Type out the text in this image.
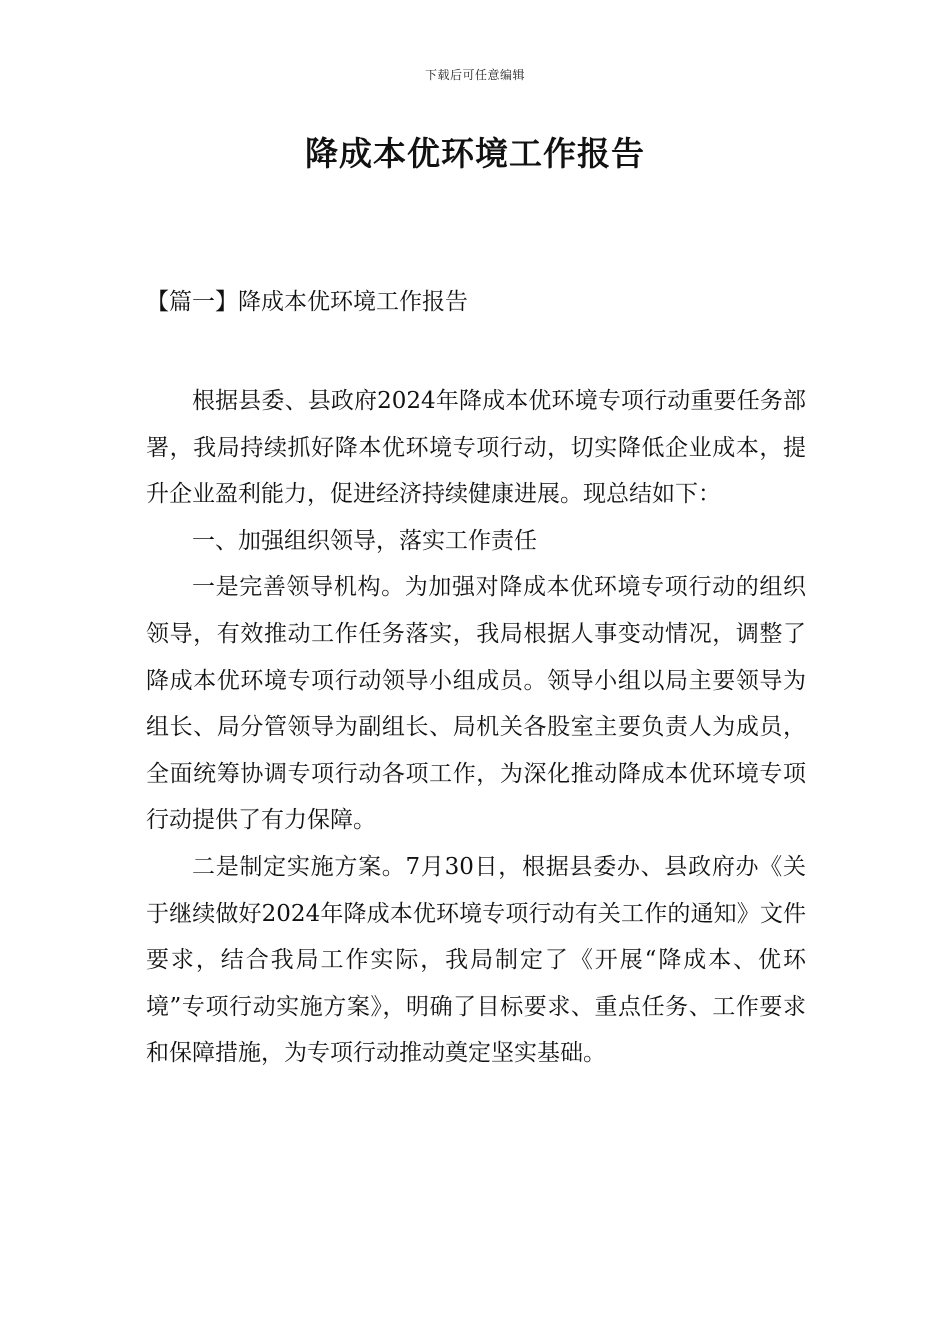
下载后可任意编辑
降成本优环境工作报告
【篇一】降成本优环境工作报告

根据县委、县政府2024年降成本优环境专项行动重要任务部署，我局持续抓好降本优环境专项行动，切实降低企业成本，提升企业盈利能力，促进经济持续健康进展。现总结如下：

一、加强组织领导，落实工作责任

一是完善领导机构。为加强对降成本优环境专项行动的组织领导，有效推动工作任务落实，我局根据人事变动情况，调整了降成本优环境专项行动领导小组成员。领导小组以局主要领导为组长、局分管领导为副组长、局机关各股室主要负责人为成员，全面统筹协调专项行动各项工作，为深化推动降成本优环境专项行动提供了有力保障。

二是制定实施方案。7月30日，根据县委办、县政府办《关于继续做好2024年降成本优环境专项行动有关工作的通知》文件要求，结合我局工作实际，我局制定了《开展“降成本、优环境”专项行动实施方案》，明确了目标要求、重点任务、工作要求和保障措施，为专项行动推动奠定坚实基础。
